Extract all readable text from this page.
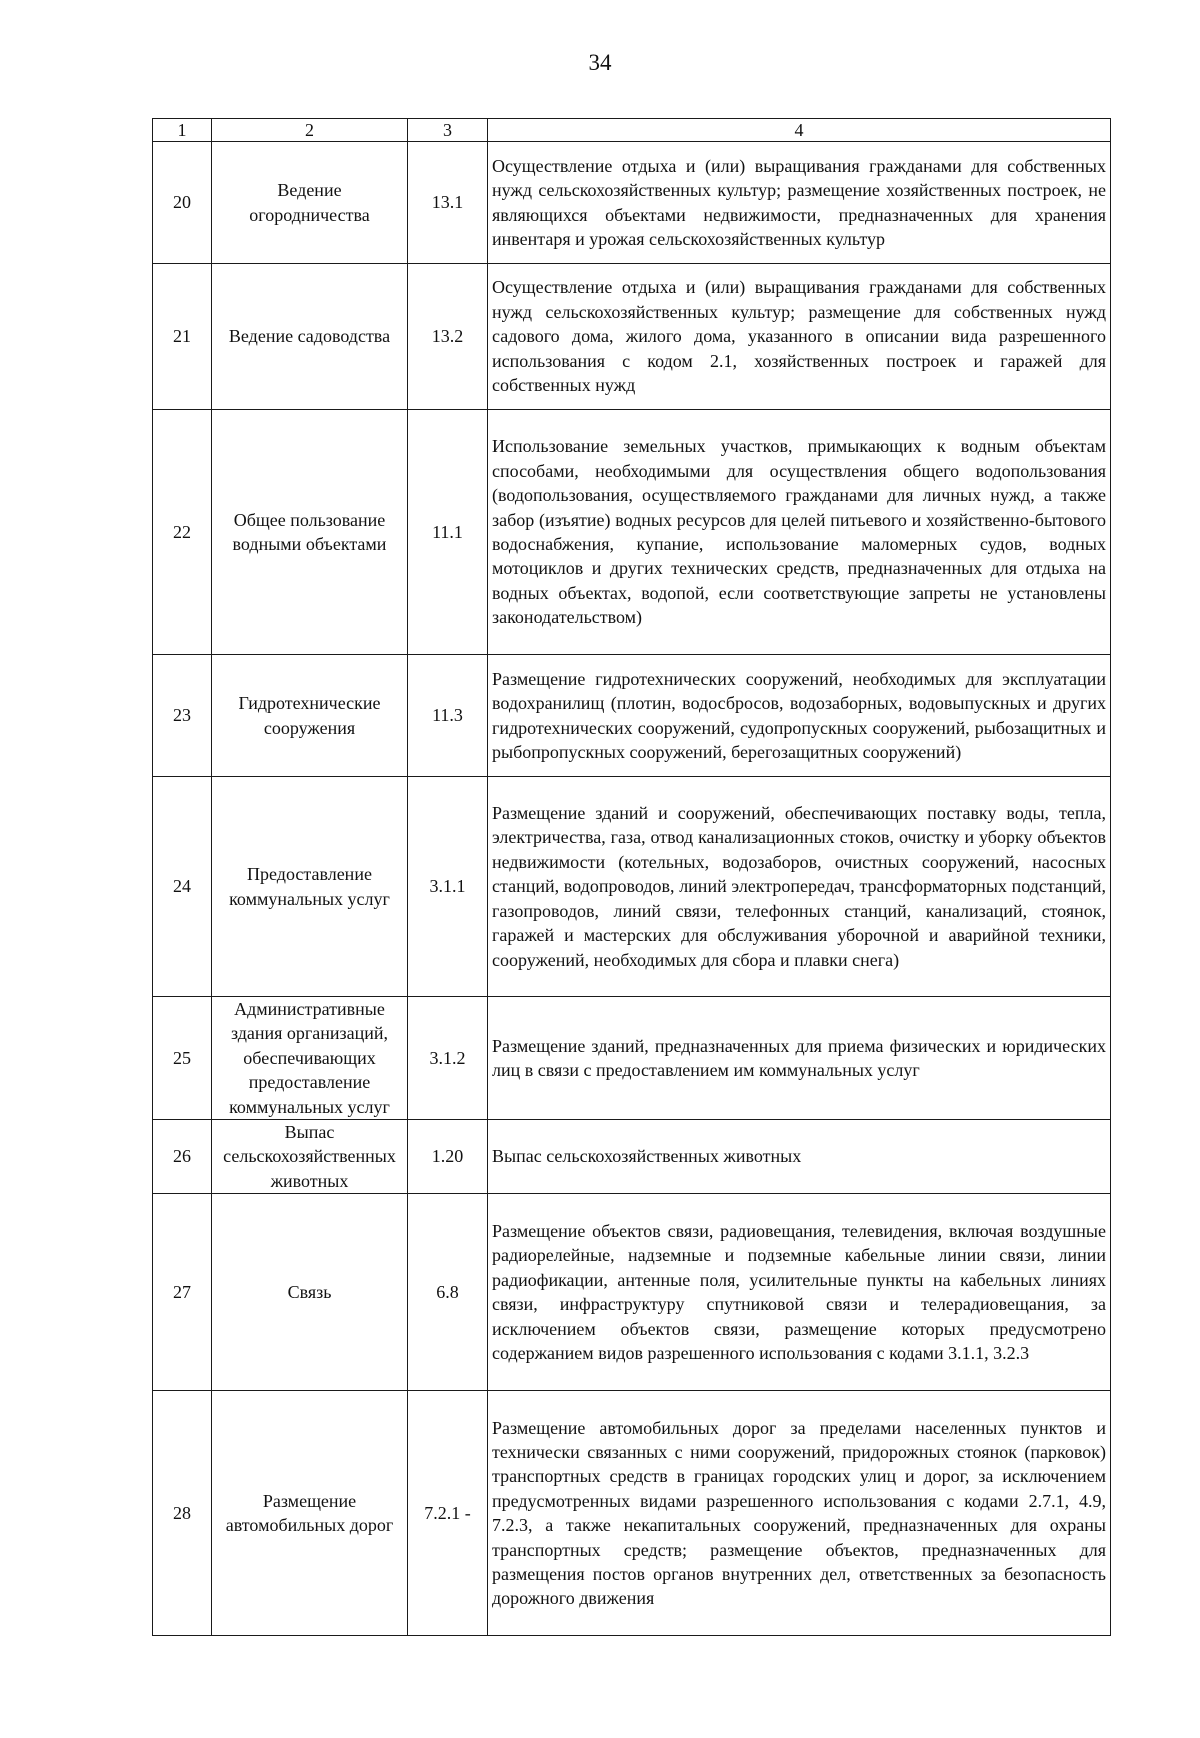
34
1	2	3	4
20	Ведение огородничества	13.1	Осуществление отдыха и (или) выращивания гражданами для собственных нужд сельскохозяйственных культур; размещение хозяйственных построек, не являющихся объектами недвижимости, предназначенных для хранения инвентаря и урожая сельскохозяйственных культур
21	Ведение садоводства	13.2	Осуществление отдыха и (или) выращивания гражданами для собственных нужд сельскохозяйственных культур; размещение для собственных нужд садового дома, жилого дома, указанного в описании вида разрешенного использования с кодом 2.1, хозяйственных построек и гаражей для собственных нужд
22	Общее пользование водными объектами	11.1	Использование земельных участков, примыкающих к водным объектам способами, необходимыми для осуществления общего водопользования (водопользования, осуществляемого гражданами для личных нужд, а также забор (изъятие) водных ресурсов для целей питьевого и хозяйственно-бытового водоснабжения, купание, использование маломерных судов, водных мотоциклов и других технических средств, предназначенных для отдыха на водных объектах, водопой, если соответствующие запреты не установлены законодательством)
23	Гидротехнические сооружения	11.3	Размещение гидротехнических сооружений, необходимых для эксплуатации водохранилищ (плотин, водосбросов, водозаборных, водовыпускных и других гидротехнических сооружений, судопропускных сооружений, рыбозащитных и рыбопропускных сооружений, берегозащитных сооружений)
24	Предоставление коммунальных услуг	3.1.1	Размещение зданий и сооружений, обеспечивающих поставку воды, тепла, электричества, газа, отвод канализационных стоков, очистку и уборку объектов недвижимости (котельных, водозаборов, очистных сооружений, насосных станций, водопроводов, линий электропередач, трансформаторных подстанций, газопроводов, линий связи, телефонных станций, канализаций, стоянок, гаражей и мастерских для обслуживания уборочной и аварийной техники, сооружений, необходимых для сбора и плавки снега)
25	Административные здания организаций, обеспечивающих предоставление коммунальных услуг	3.1.2	Размещение зданий, предназначенных для приема физических и юридических лиц в связи с предоставлением им коммунальных услуг
26	Выпас сельскохозяйственных животных	1.20	Выпас сельскохозяйственных животных
27	Связь	6.8	Размещение объектов связи, радиовещания, телевидения, включая воздушные радиорелейные, надземные и подземные кабельные линии связи, линии радиофикации, антенные поля, усилительные пункты на кабельных линиях связи, инфраструктуру спутниковой связи и телерадиовещания, за исключением объектов связи, размещение которых предусмотрено содержанием видов разрешенного использования с кодами 3.1.1, 3.2.3
28	Размещение автомобильных дорог	7.2.1 -	Размещение автомобильных дорог за пределами населенных пунктов и технически связанных с ними сооружений, придорожных стоянок (парковок) транспортных средств в границах городских улиц и дорог, за исключением предусмотренных видами разрешенного использования с кодами 2.7.1, 4.9, 7.2.3, а также некапитальных сооружений, предназначенных для охраны транспортных средств; размещение объектов, предназначенных для размещения постов органов внутренних дел, ответственных за безопасность дорожного движения
